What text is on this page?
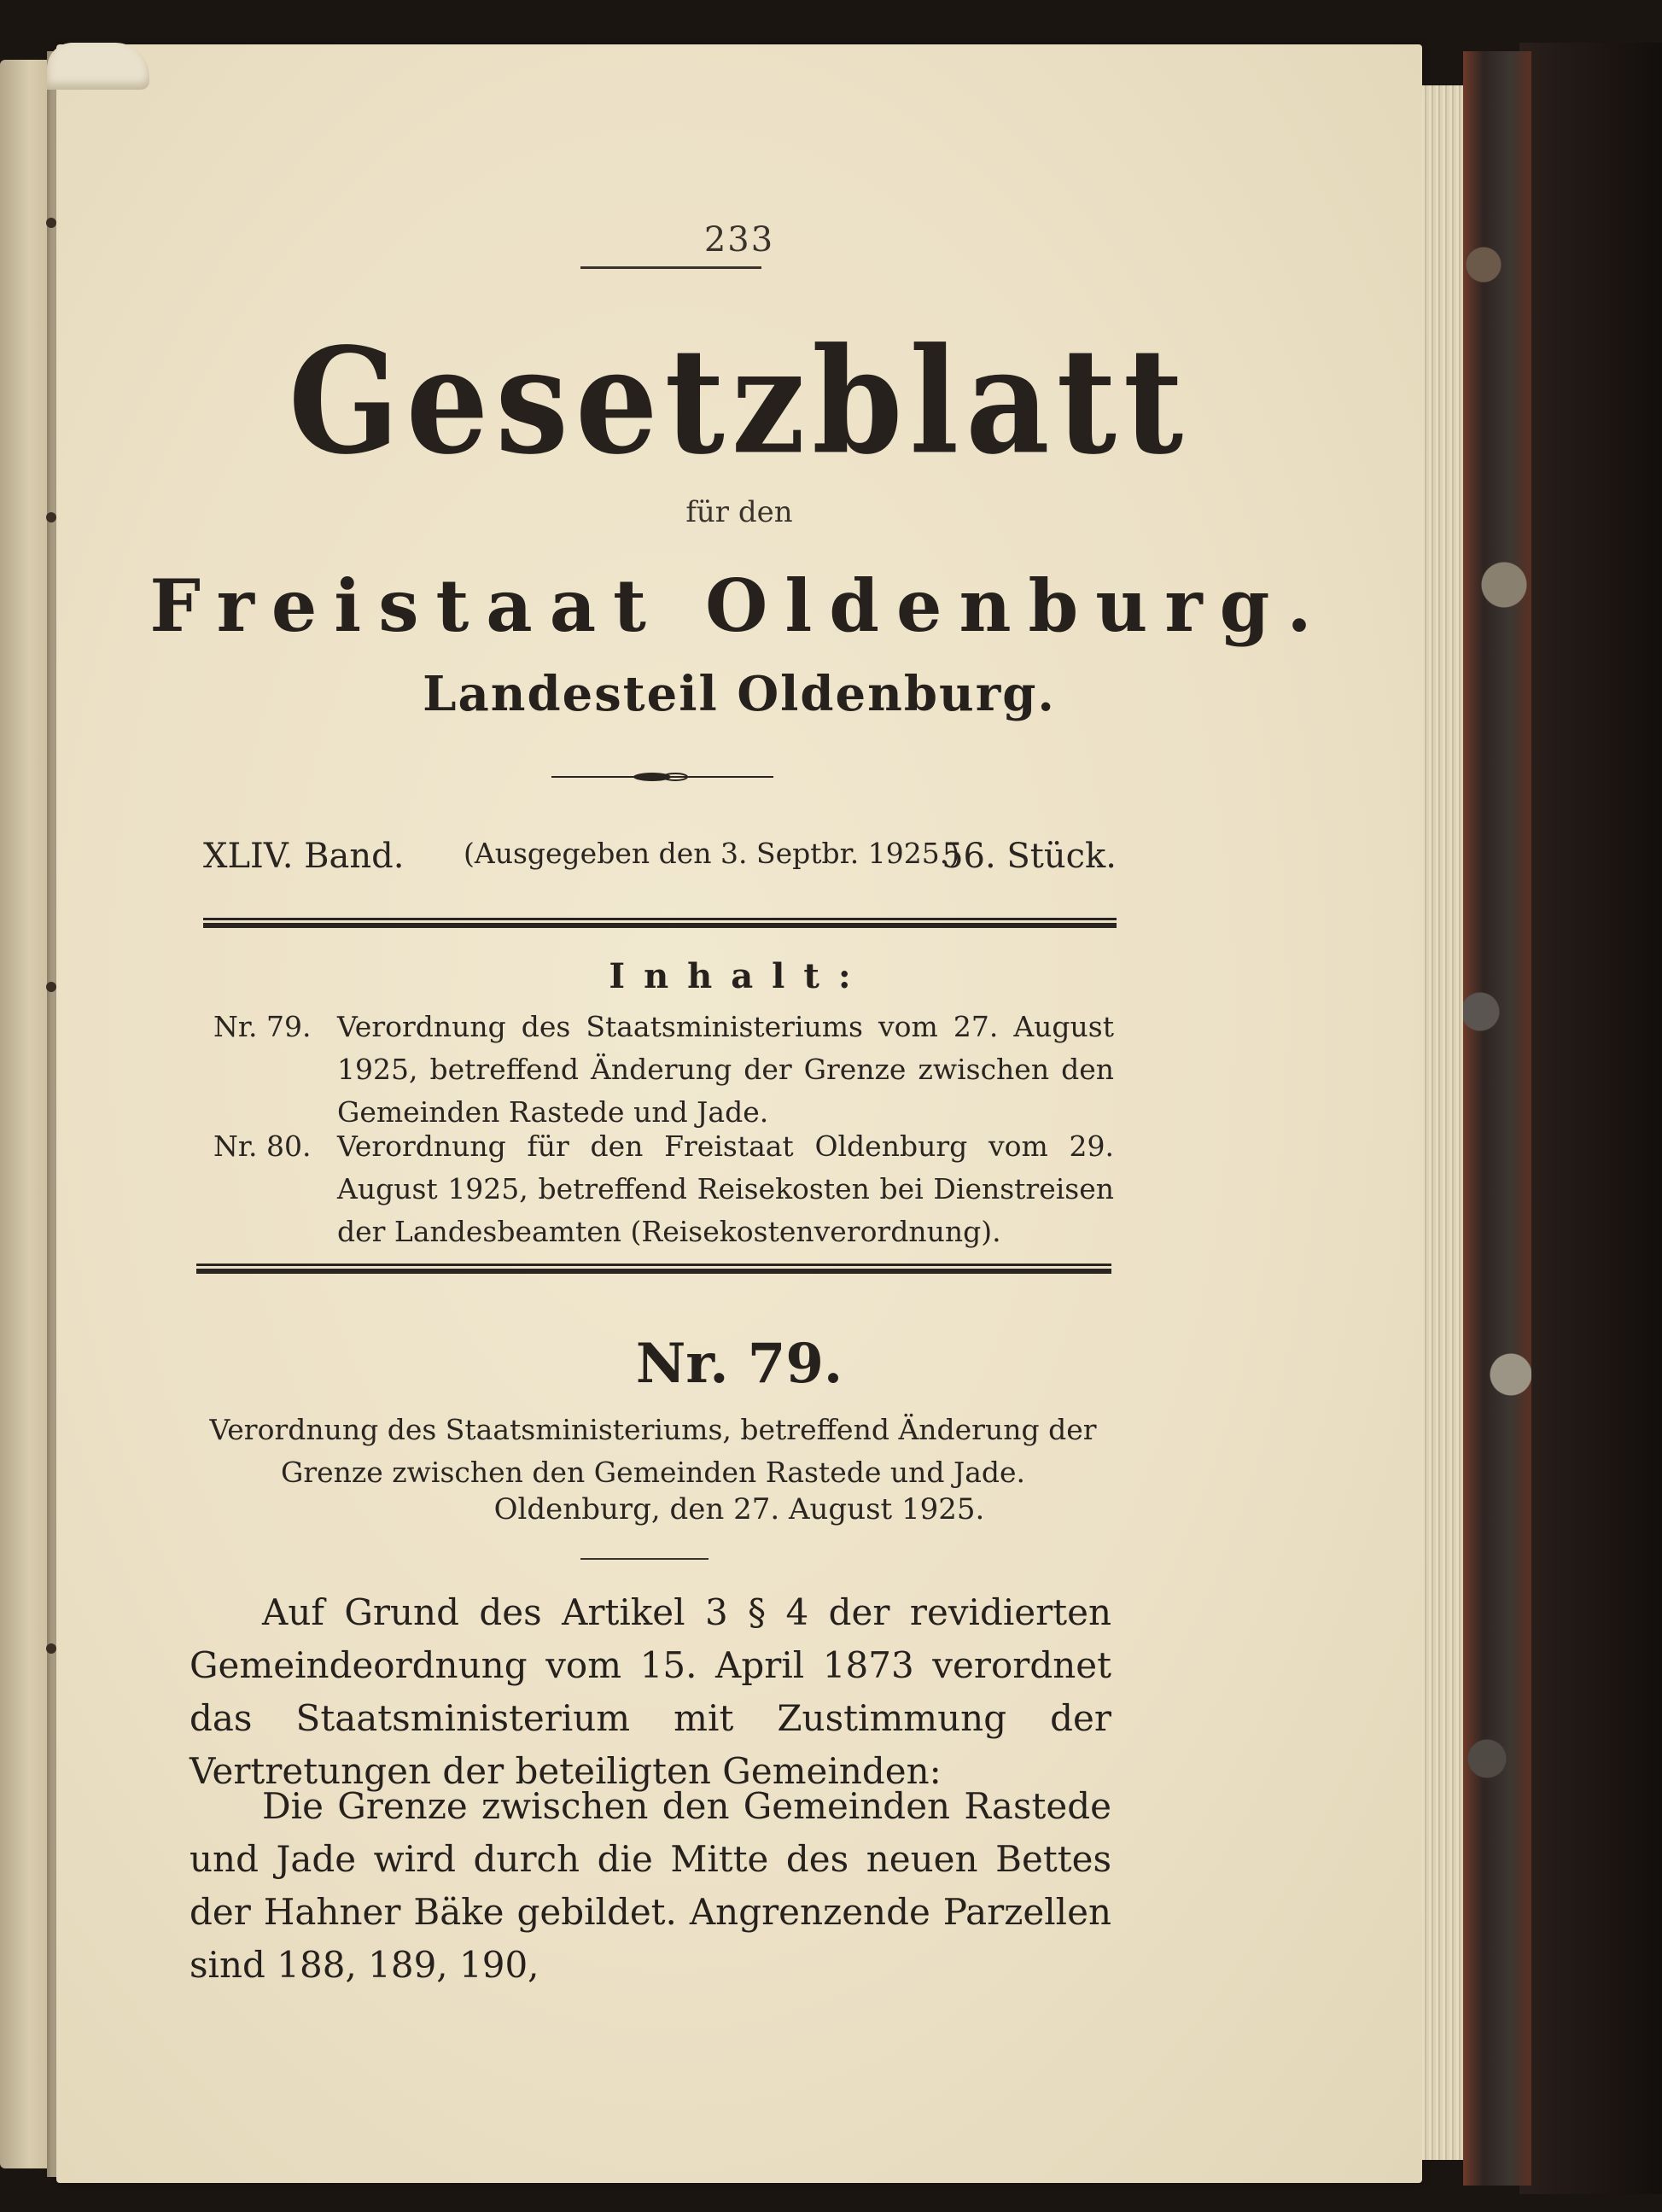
233
Gesetzblatt
für den
Freistaat Oldenburg.
Landesteil Oldenburg.
XLIV. Band. (Ausgegeben den 3. Septbr. 1925.)
56. Stück.
Inhalt:
Nr. 79. Verordnung des Staatsministeriums vom 27. August 1925, betreffend Änderung der Grenze zwischen den Gemeinden Rastede und Jade.
Nr. 80. Verordnung für den Freistaat Oldenburg vom 29. August 1925, betreffend Reisekosten bei Dienstreisen der Landesbeamten (Reisekostenverordnung).
Nr. 79.
Verordnung des Staatsministeriums, betreffend Änderung der Grenze zwischen den Gemeinden Rastede und Jade.
Oldenburg, den 27. August 1925.
Auf Grund des Artikel 3 § 4 der revidierten Gemeindeordnung vom 15. April 1873 verordnet das Staatsministerium mit Zustimmung der Vertretungen der beteiligten Gemeinden:
Die Grenze zwischen den Gemeinden Rastede und Jade wird durch die Mitte des neuen Bettes der Hahner Bäke gebildet. Angrenzende Parzellen sind 188, 189, 190,
